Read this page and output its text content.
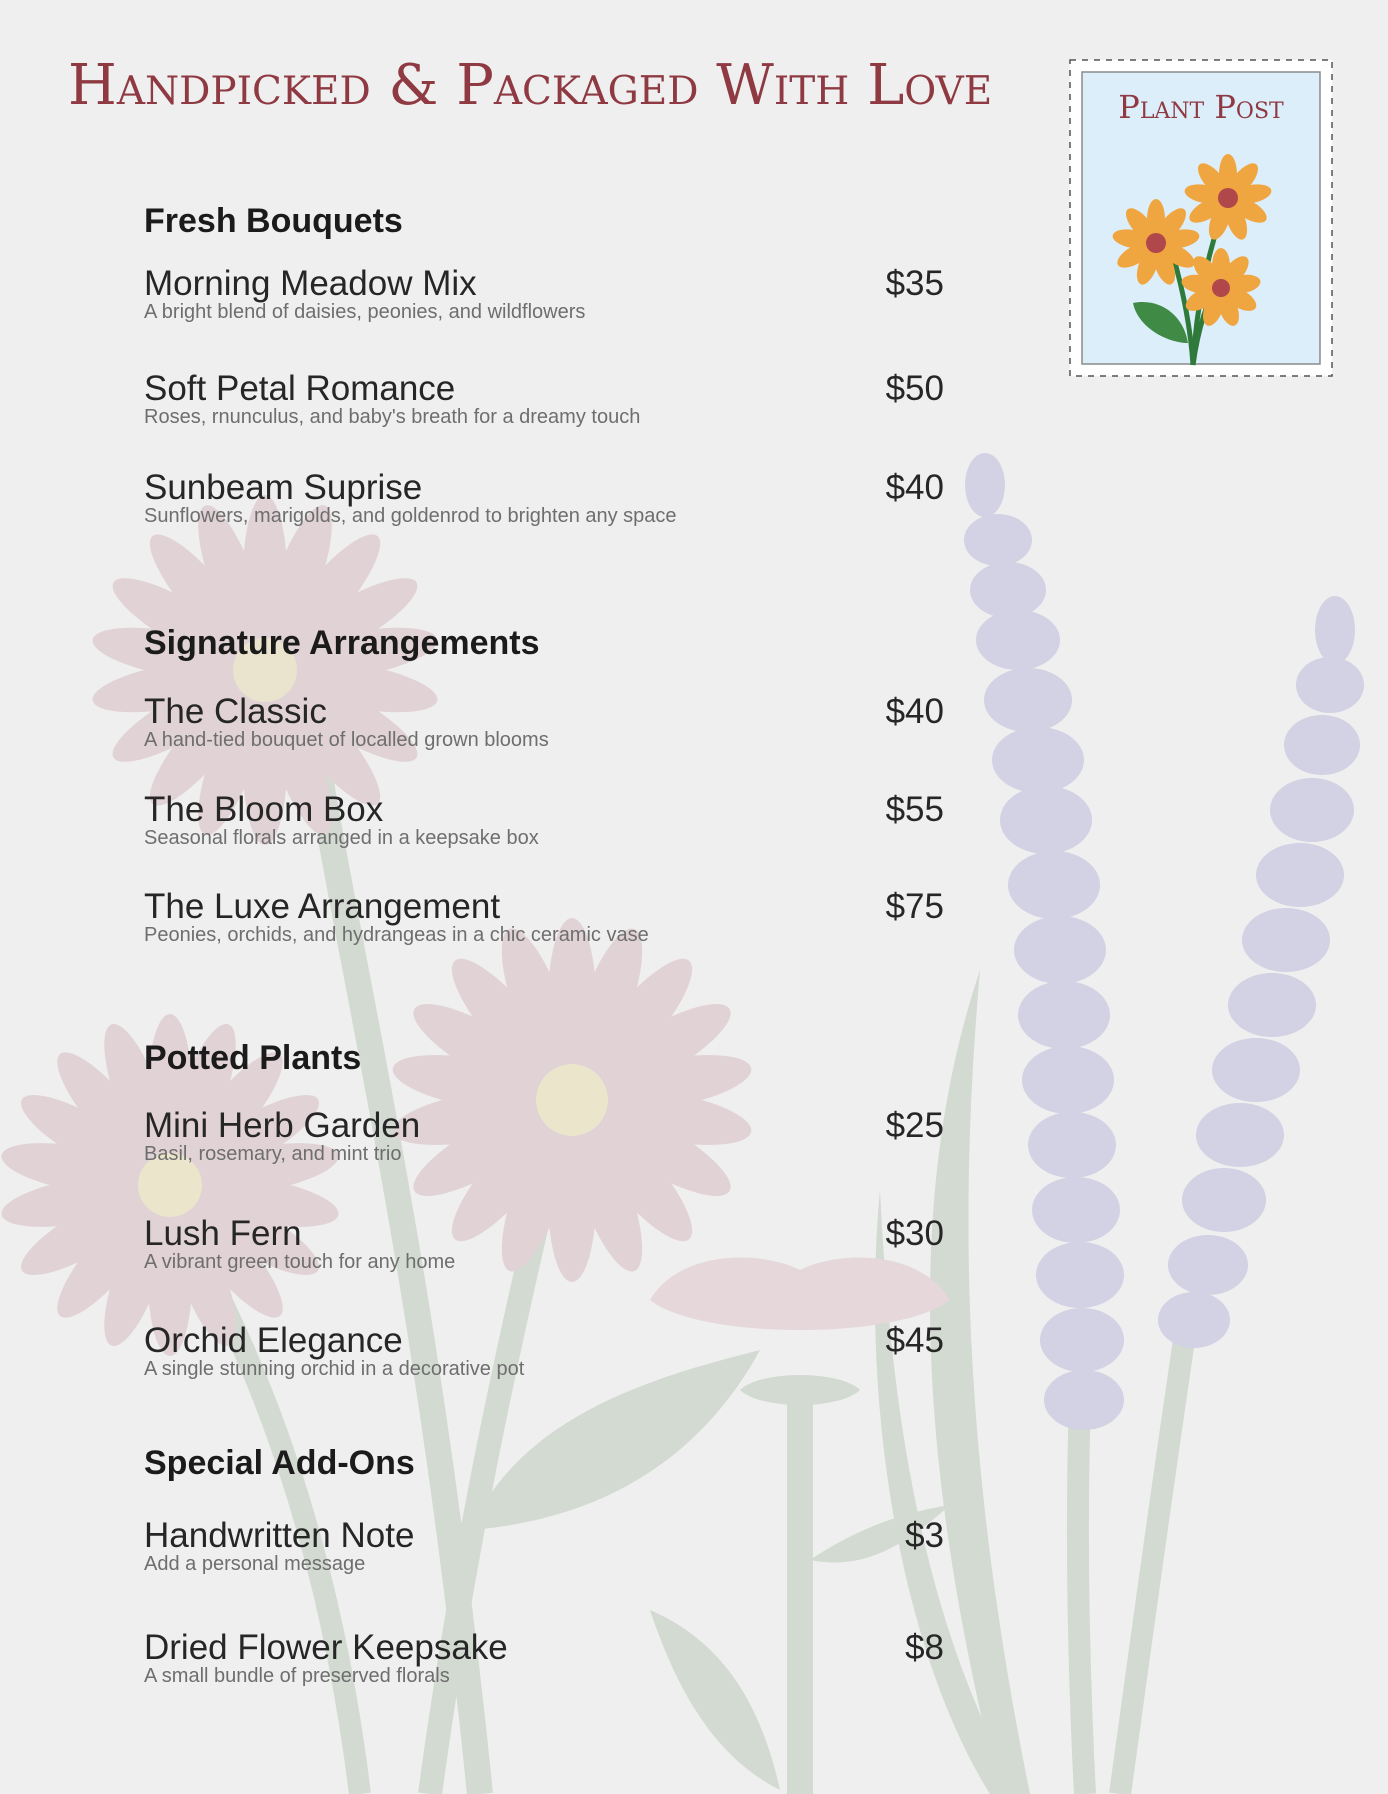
Handpicked & Packaged With Love	Plant Post
Fresh Bouquets
Morning Meadow Mix
A bright blend of daisies, peonies, and wildflowers
$35
Soft Petal Romance
Roses, rnunculus, and baby's breath for a dreamy touch
$50
Sunbeam Suprise
Sunflowers, marigolds, and goldenrod to brighten any space
$40
Signature Arrangements
The Classic
A hand-tied bouquet of localled grown blooms
$40
The Bloom Box
Seasonal florals arranged in a keepsake box
$55
The Luxe Arrangement
Peonies, orchids, and hydrangeas in a chic ceramic vase
$75
Potted Plants
Mini Herb Garden
Basil, rosemary, and mint trio
$25
Lush Fern
A vibrant green touch for any home
$30
Orchid Elegance
A single stunning orchid in a decorative pot
$45
Special Add-Ons
Handwritten Note
Add a personal message
$3
Dried Flower Keepsake
A small bundle of preserved florals
$8
